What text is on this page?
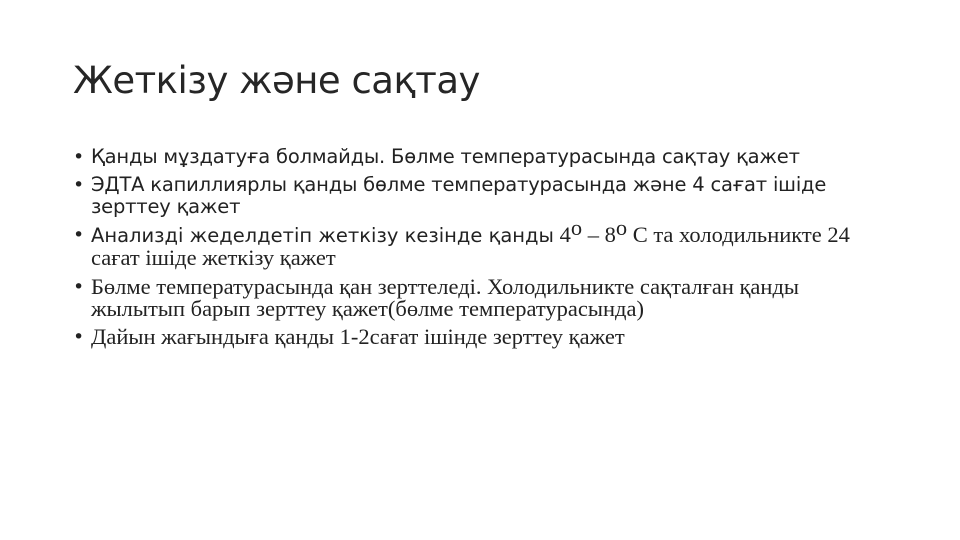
Жеткізу және сақтау
• Қанды мұздатуға болмайды. Бөлме температурасында сақтау қажет
• ЭДТА капиллиярлы қанды бөлме температурасында және 4 сағат ішіде зерттеу қажет
• Анализді жеделдетіп жеткізу кезінде қанды $4^о - 8^о$ С та холодильникте 24 сағат ішіде жеткізу қажет
• Бөлме температурасында қан зерттеледі. Холодильникте сақталған қанды жылытып барып зерттеу қажет(бөлме температурасында)
• Дайын жағындыға қанды 1-2сағат ішінде зерттеу қажет
